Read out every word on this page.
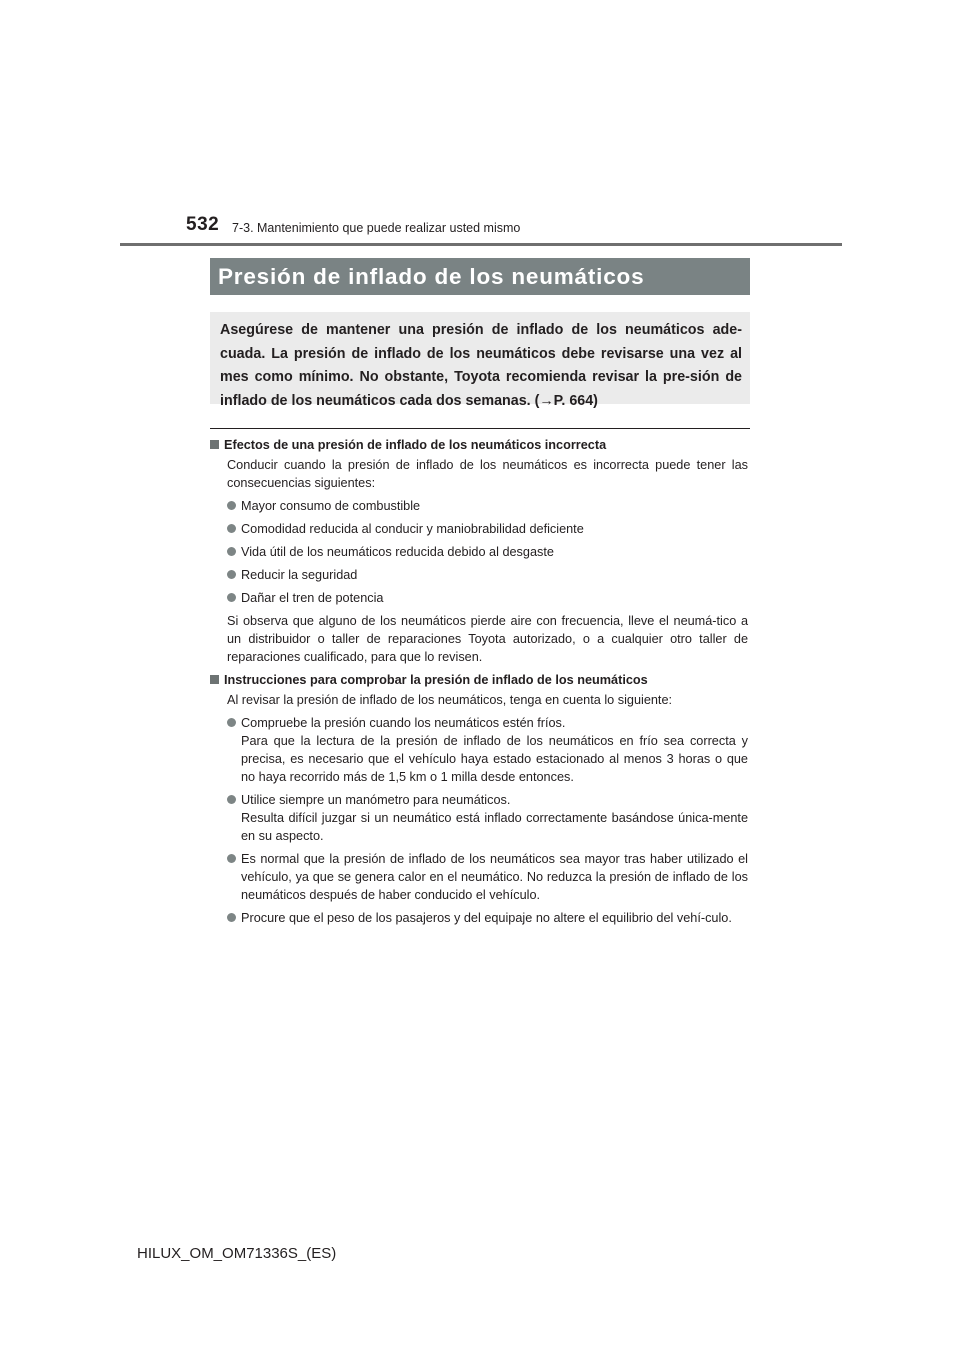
532 7-3. Mantenimiento que puede realizar usted mismo
Presión de inflado de los neumáticos
Asegúrese de mantener una presión de inflado de los neumáticos ade-cuada. La presión de inflado de los neumáticos debe revisarse una vez al mes como mínimo. No obstante, Toyota recomienda revisar la pre-sión de inflado de los neumáticos cada dos semanas. (→P. 664)
Efectos de una presión de inflado de los neumáticos incorrecta
Conducir cuando la presión de inflado de los neumáticos es incorrecta puede tener las consecuencias siguientes:
Mayor consumo de combustible
Comodidad reducida al conducir y maniobrabilidad deficiente
Vida útil de los neumáticos reducida debido al desgaste
Reducir la seguridad
Dañar el tren de potencia
Si observa que alguno de los neumáticos pierde aire con frecuencia, lleve el neumá-tico a un distribuidor o taller de reparaciones Toyota autorizado, o a cualquier otro taller de reparaciones cualificado, para que lo revisen.
Instrucciones para comprobar la presión de inflado de los neumáticos
Al revisar la presión de inflado de los neumáticos, tenga en cuenta lo siguiente:
Compruebe la presión cuando los neumáticos estén fríos.
Para que la lectura de la presión de inflado de los neumáticos en frío sea correcta y precisa, es necesario que el vehículo haya estado estacionado al menos 3 horas o que no haya recorrido más de 1,5 km o 1 milla desde entonces.
Utilice siempre un manómetro para neumáticos.
Resulta difícil juzgar si un neumático está inflado correctamente basándose única-mente en su aspecto.
Es normal que la presión de inflado de los neumáticos sea mayor tras haber utilizado el vehículo, ya que se genera calor en el neumático. No reduzca la presión de inflado de los neumáticos después de haber conducido el vehículo.
Procure que el peso de los pasajeros y del equipaje no altere el equilibrio del vehí-culo.
HILUX_OM_OM71336S_(ES)
